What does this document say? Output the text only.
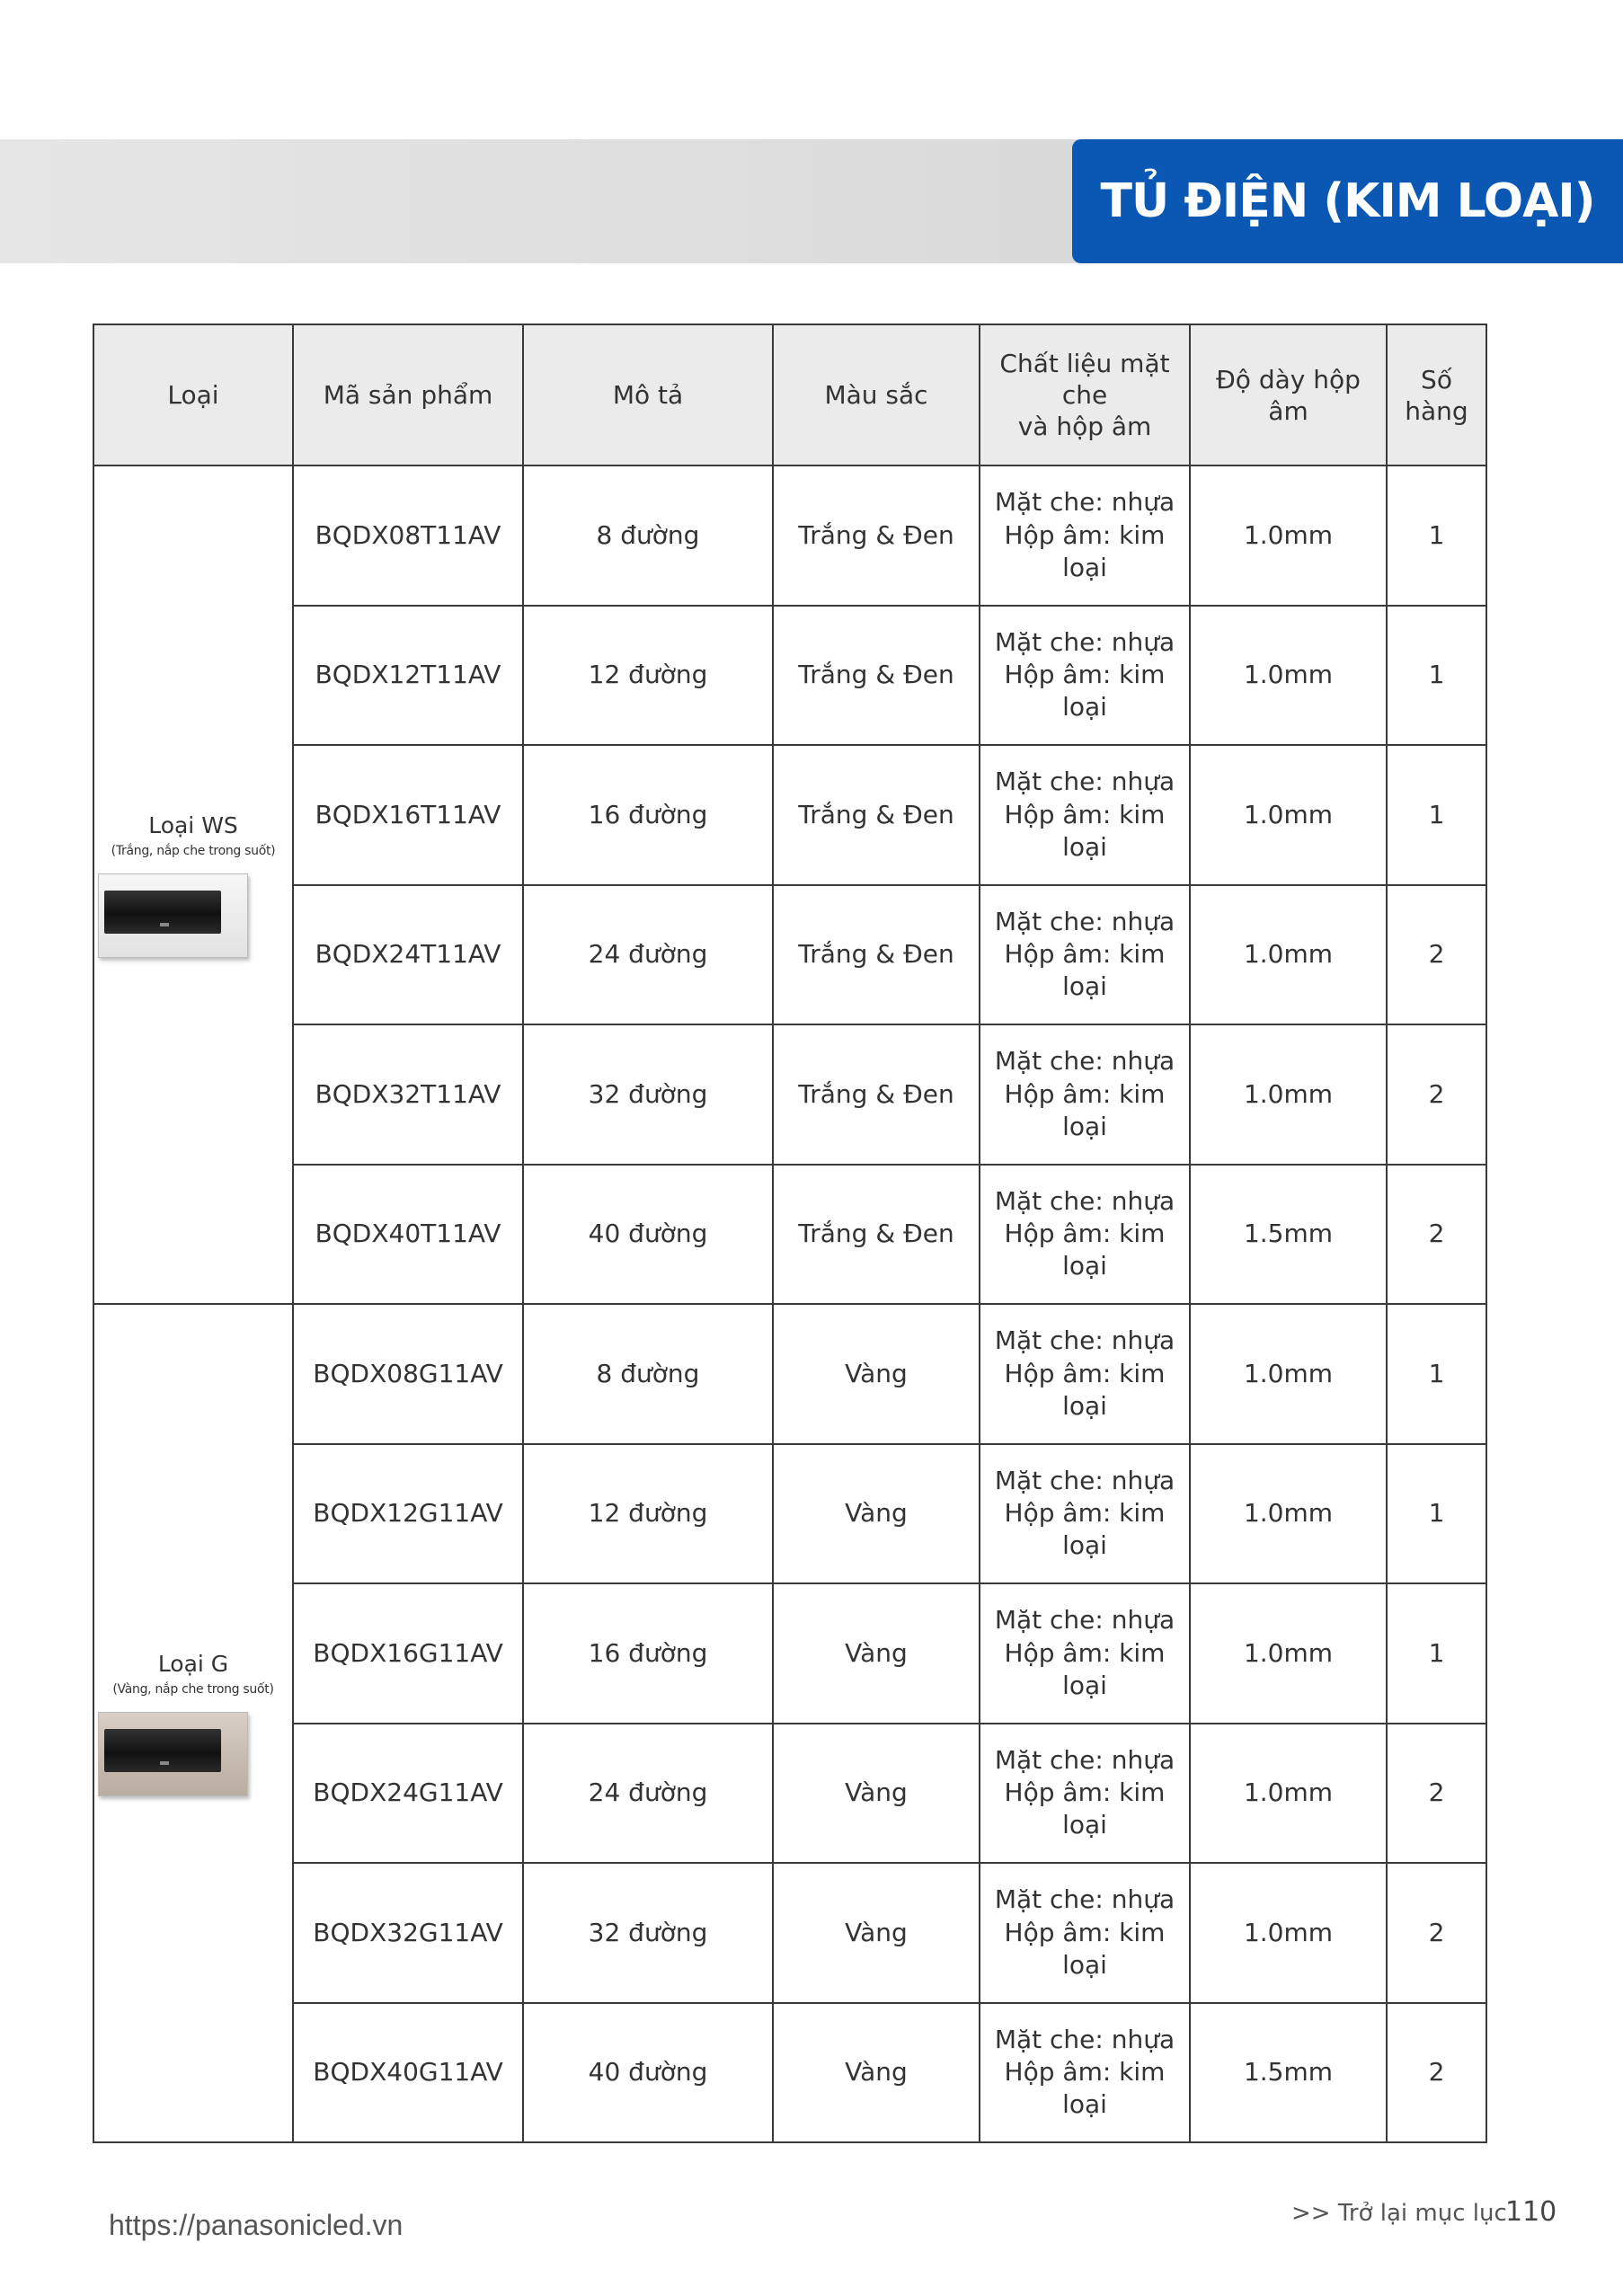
TỦ ĐIỆN (KIM LOẠI)
Loại	Mã sản phẩm	Mô tả	Màu sắc	Chất liệu mặt che
và hộp âm	Độ dày hộp âm	Số hàng

Loại WS
(Trắng, nắp che trong suốt)	BQDX08T11AV	8 đường	Trắng & Đen	Mặt che: nhựa
Hộp âm: kim loại	1.0mm	1
	BQDX12T11AV	12 đường	Trắng & Đen	Mặt che: nhựa
Hộp âm: kim loại	1.0mm	1
	BQDX16T11AV	16 đường	Trắng & Đen	Mặt che: nhựa
Hộp âm: kim loại	1.0mm	1
	BQDX24T11AV	24 đường	Trắng & Đen	Mặt che: nhựa
Hộp âm: kim loại	1.0mm	2
	BQDX32T11AV	32 đường	Trắng & Đen	Mặt che: nhựa
Hộp âm: kim loại	1.0mm	2
	BQDX40T11AV	40 đường	Trắng & Đen	Mặt che: nhựa
Hộp âm: kim loại	1.5mm	2

Loại G
(Vàng, nắp che trong suốt)	BQDX08G11AV	8 đường	Vàng	Mặt che: nhựa
Hộp âm: kim loại	1.0mm	1
	BQDX12G11AV	12 đường	Vàng	Mặt che: nhựa
Hộp âm: kim loại	1.0mm	1
	BQDX16G11AV	16 đường	Vàng	Mặt che: nhựa
Hộp âm: kim loại	1.0mm	1
	BQDX24G11AV	24 đường	Vàng	Mặt che: nhựa
Hộp âm: kim loại	1.0mm	2
	BQDX32G11AV	32 đường	Vàng	Mặt che: nhựa
Hộp âm: kim loại	1.0mm	2
	BQDX40G11AV	40 đường	Vàng	Mặt che: nhựa
Hộp âm: kim loại	1.5mm	2
https://panasonicled.vn	>> Trở lại mục lục
110
